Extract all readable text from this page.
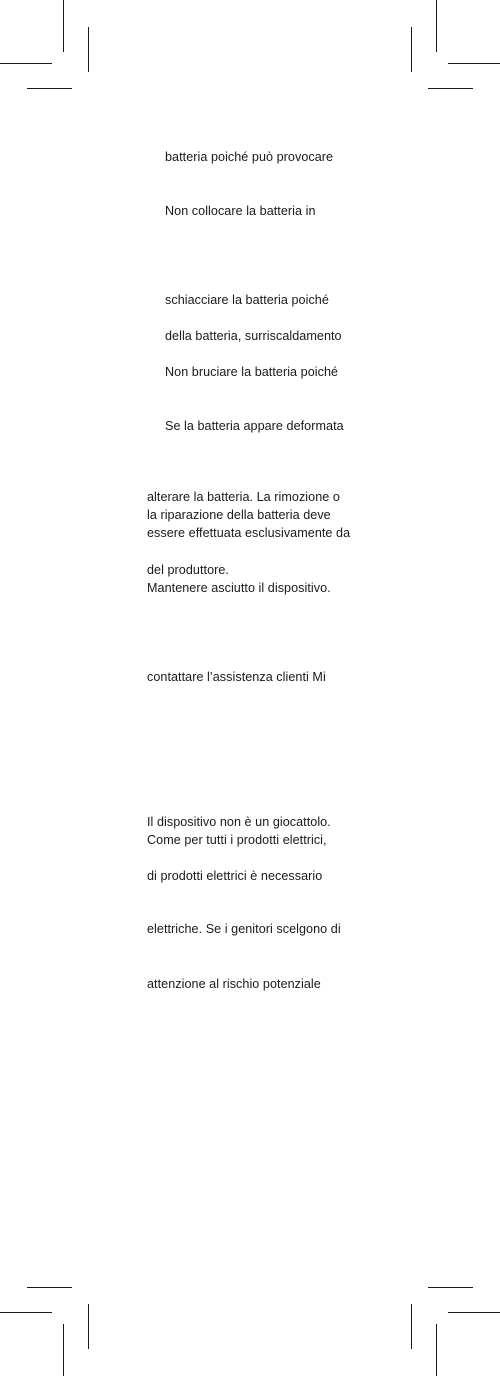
batteria poiché può provocare
Non collocare la batteria in
schiacciare la batteria poiché
della batteria, surriscaldamento
Non bruciare la batteria poiché
Se la batteria appare deformata
alterare la batteria. La rimozione o
la riparazione della batteria deve
essere effettuata esclusivamente da
del produttore.
Mantenere asciutto il dispositivo.
contattare l’assistenza clienti Mi
Il dispositivo non è un giocattolo.
Come per tutti i prodotti elettrici,
di prodotti elettrici è necessario
elettriche. Se i genitori scelgono di
attenzione al rischio potenziale
